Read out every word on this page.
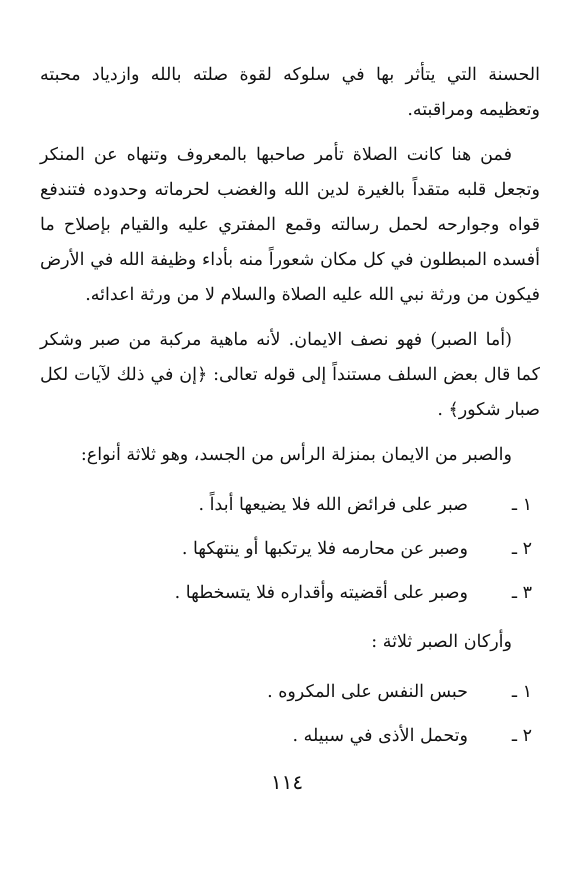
الحسنة التي يتأثر بها في سلوكه لقوة صلته بالله وازدياد محبته وتعظيمه ومراقبته.

فمن هنا كانت الصلاة تأمر صاحبها بالمعروف وتنهاه عن المنكر وتجعل قلبه متقداً بالغيرة لدين الله والغضب لحرماته وحدوده فتندفع قواه وجوارحه لحمل رسالته وقمع المفتري عليه والقيام بإصلاح ما أفسده المبطلون في كل مكان شعوراً منه بأداء وظيفة الله في الأرض فيكون من ورثة نبي الله عليه الصلاة والسلام لا من ورثة اعدائه.

(أما الصبر) فهو نصف الايمان. لأنه ماهية مركبة من صبر وشكر كما قال بعض السلف مستنداً إلى قوله تعالى: ﴿إن في ذلك لآيات لكل صبار شكور﴾ .

والصبر من الايمان بمنزلة الرأس من الجسد، وهو ثلاثة أنواع:

١ ـ
صبر على فرائض الله فلا يضيعها أبداً .
٢ ـ
وصبر عن محارمه فلا يرتكبها أو ينتهكها .
٣ ـ
وصبر على أقضيته وأقداره فلا يتسخطها .

وأركان الصبر ثلاثة :

١ ـ
حبس النفس على المكروه .
٢ ـ
وتحمل الأذى في سبيله .
١١٤
